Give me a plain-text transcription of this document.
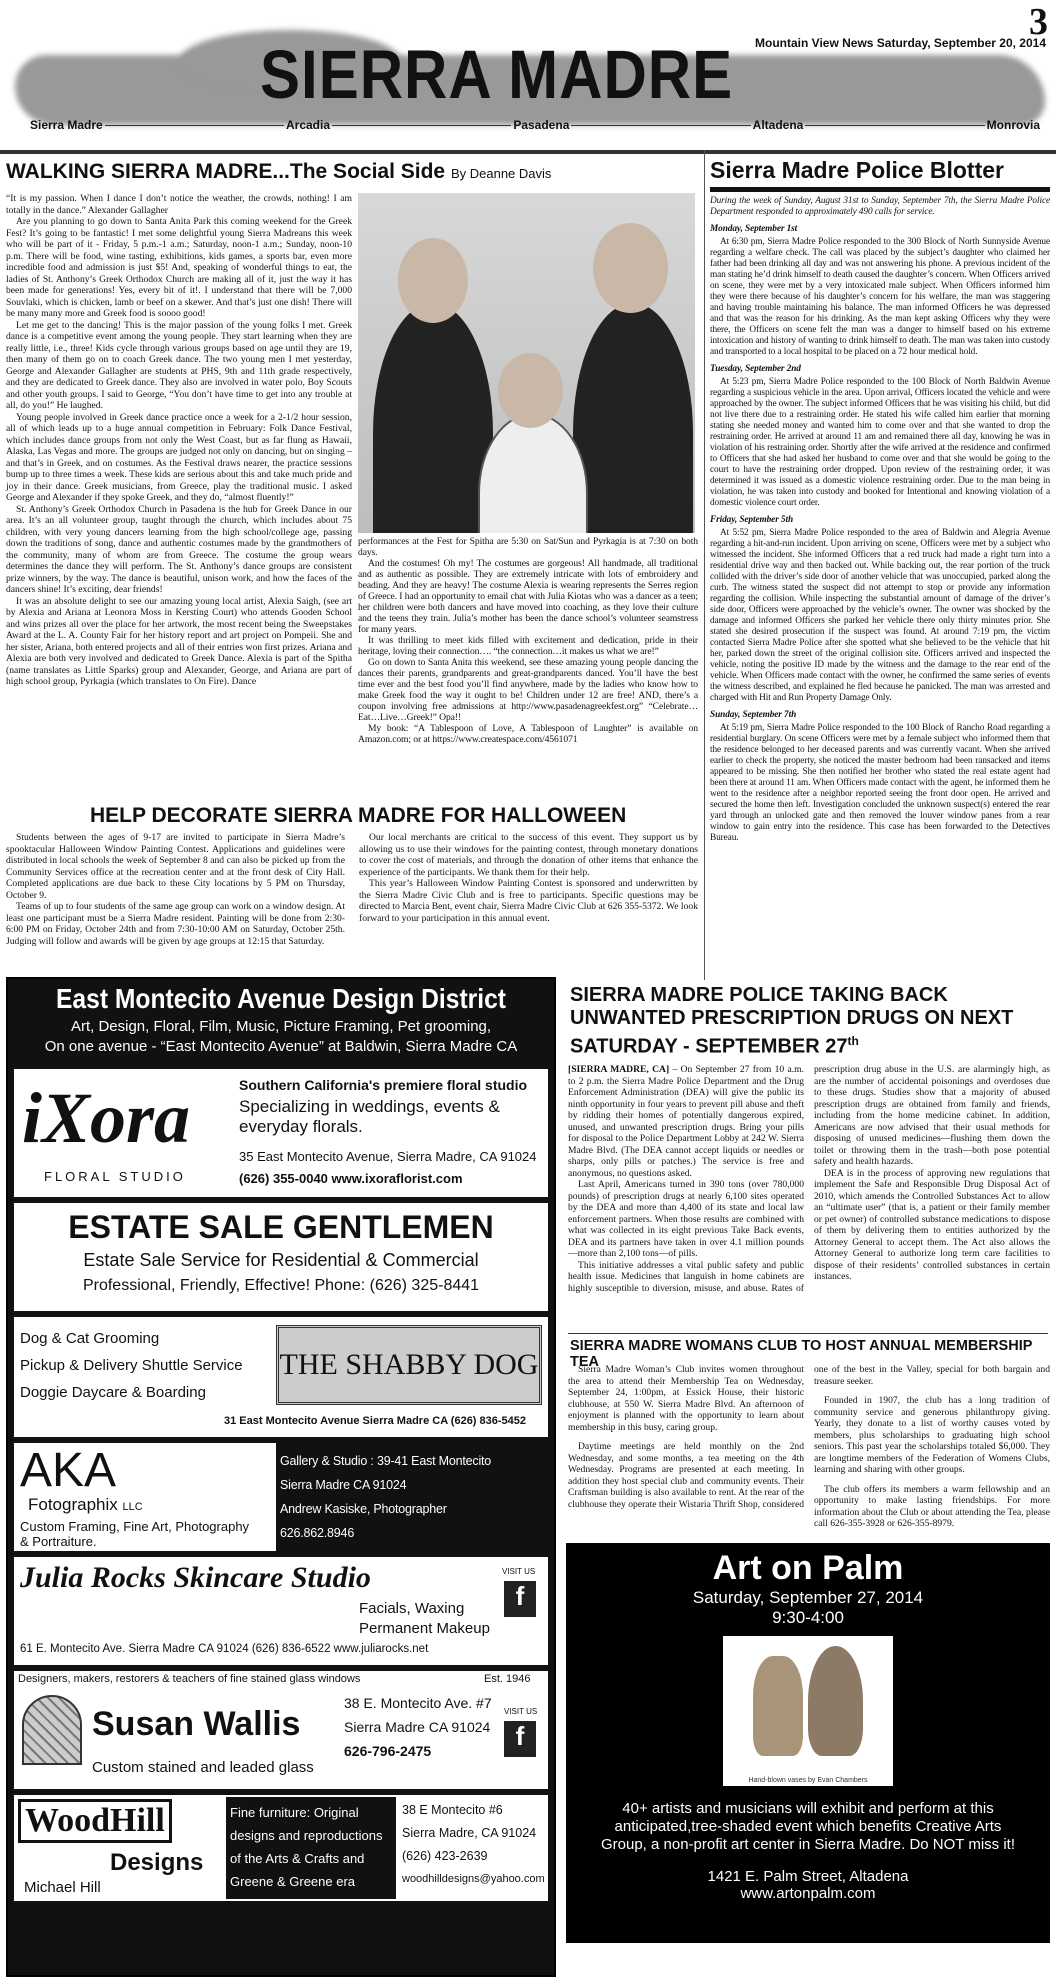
SIERRA MADRE
3
Mountain View News Saturday, September 20, 2014
Sierra Madre	Arcadia	Pasadena	Altadena	Monrovia
WALKING SIERRA MADRE...The Social Side By Deanne Davis

“It is my passion. When I dance I don’t notice the weather, the crowds, nothing! I am totally in the dance.” Alexander Gallagher

Are you planning to go down to Santa Anita Park this coming weekend for the Greek Fest? It’s going to be fantastic! I met some delightful young Sierra Madreans this week who will be part of it - Friday, 5 p.m.-1 a.m.; Saturday, noon-1 a.m.; Sunday, noon-10 p.m. There will be food, wine tasting, exhibitions, kids games, a sports bar, even more incredible food and admission is just $5! And, speaking of wonderful things to eat, the ladies of St. Anthony’s Greek Orthodox Church are making all of it, just the way it has been made for generations! Yes, every bit of it!. I understand that there will be 7,000 Souvlaki, which is chicken, lamb or beef on a skewer. And that’s just one dish! There will be many many more and Greek food is soooo good!

Let me get to the dancing! This is the major passion of the young folks I met. Greek dance is a competitive event among the young people. They start learning when they are really little, i.e., three! Kids cycle through various groups based on age until they are 19, then many of them go on to coach Greek dance. The two young men I met yesterday, George and Alexander Gallagher are students at PHS, 9th and 11th grade respectively, and they are dedicated to Greek dance. They also are involved in water polo, Boy Scouts and other youth groups. I said to George, “You don’t have time to get into any trouble at all, do you!” He laughed.

Young people involved in Greek dance practice once a week for a 2-1/2 hour session, all of which leads up to a huge annual competition in February: Folk Dance Festival, which includes dance groups from not only the West Coast, but as far flung as Hawaii, Alaska, Las Vegas and more. The groups are judged not only on dancing, but on singing – and that’s in Greek, and on costumes. As the Festival draws nearer, the practice sessions bump up to three times a week. These kids are serious about this and take much pride and joy in their dance. Greek musicians, from Greece, play the traditional music. I asked George and Alexander if they spoke Greek, and they do, “almost fluently!”

St. Anthony’s Greek Orthodox Church in Pasadena is the hub for Greek Dance in our area. It’s an all volunteer group, taught through the church, which includes about 75 children, with very young dancers learning from the high school/college age, passing down the traditions of song, dance and authentic costumes made by the grandmothers of the community, many of whom are from Greece. The costume the group wears determines the dance they will perform. The St. Anthony’s dance groups are consistent prize winners, by the way. The dance is beautiful, unison work, and how the faces of the dancers shine! It’s exciting, dear friends!

It was an absolute delight to see our amazing young local artist, Alexia Saigh, (see art by Alexia and Ariana at Leonora Moss in Kersting Court) who attends Gooden School and wins prizes all over the place for her artwork, the most recent being the Sweepstakes Award at the L. A. County Fair for her history report and art project on Pompeii. She and her sister, Ariana, both entered projects and all of their entries won first prizes. Ariana and Alexia are both very involved and dedicated to Greek Dance. Alexia is part of the Spitha (name translates as Little Sparks) group and Alexander, George, and Ariana are part of high school group, Pyrkagia (which translates to On Fire). Dance

performances at the Fest for Spitha are 5:30 on Sat/Sun and Pyrkagia is at 7:30 on both days.

And the costumes! Oh my! The costumes are gorgeous! All handmade, all traditional and as authentic as possible. They are extremely intricate with lots of embroidery and beading. And they are heavy! The costume Alexia is wearing represents the Serres region of Greece. I had an opportunity to email chat with Julia Kiotas who was a dancer as a teen; her children were both dancers and have moved into coaching, as they love their culture and the teens they train. Julia’s mother has been the dance school’s volunteer seamstress for many years.

It was thrilling to meet kids filled with excitement and dedication, pride in their heritage, loving their connection…. “the connection…it makes us what we are!”

Go on down to Santa Anita this weekend, see these amazing young people dancing the dances their parents, grandparents and great-grandparents danced. You’ll have the best time ever and the best food you’ll find anywhere, made by the ladies who know how to make Greek food the way it ought to be! Children under 12 are free! AND, there’s a coupon involving free admissions at http://www.pasadenagreekfest.org” “Celebrate…Eat…Live…Greek!” Opa!!

My book: “A Tablespoon of Love, A Tablespoon of Laughter” is available on Amazon.com; or at https://www.createspace.com/4561071

HELP DECORATE SIERRA MADRE FOR HALLOWEEN

Students between the ages of 9-17 are invited to participate in Sierra Madre’s spooktacular Halloween Window Painting Contest. Applications and guidelines were distributed in local schools the week of September 8 and can also be picked up from the Community Services office at the recreation center and at the front desk of City Hall. Completed applications are due back to these City locations by 5 PM on Thursday, October 9.

Teams of up to four students of the same age group can work on a window design. At least one participant must be a Sierra Madre resident. Painting will be done from 2:30-6:00 PM on Friday, October 24th and from 7:30-10:00 AM on Saturday, October 25th. Judging will follow and awards will be given by age groups at 12:15 that Saturday.

Our local merchants are critical to the success of this event. They support us by allowing us to use their windows for the painting contest, through monetary donations to cover the cost of materials, and through the donation of other items that enhance the experience of the participants. We thank them for their help.

This year’s Halloween Window Painting Contest is sponsored and underwritten by the Sierra Madre Civic Club and is free to participants. Specific questions may be directed to Marcia Bent, event chair, Sierra Madre Civic Club at 626 355-5372. We look forward to your participation in this annual event.

Sierra Madre Police Blotter

During the week of Sunday, August 31st to Sunday, September 7th, the Sierra Madre Police Department responded to approximately 490 calls for service.

Monday, September 1st

At 6:30 pm, Sierra Madre Police responded to the 300 Block of North Sunnyside Avenue regarding a welfare check. The call was placed by the subject’s daughter who claimed her father had been drinking all day and was not answering his phone. A previous incident of the man stating he’d drink himself to death caused the daughter’s concern. When Officers arrived on scene, they were met by a very intoxicated male subject. When Officers informed him they were there because of his daughter’s concern for his welfare, the man was staggering and having trouble maintaining his balance. The man informed Officers he was depressed and that was the reason for his drinking. As the man kept asking Officers why they were there, the Officers on scene felt the man was a danger to himself based on his extreme intoxication and history of wanting to drink himself to death. The man was taken into custody and transported to a local hospital to be placed on a 72 hour medical hold.

Tuesday, September 2nd

At 5:23 pm, Sierra Madre Police responded to the 100 Block of North Baldwin Avenue regarding a suspicious vehicle in the area. Upon arrival, Officers located the vehicle and were approached by the owner. The subject informed Officers that he was visiting his child, but did not live there due to a restraining order. He stated his wife called him earlier that morning stating she needed money and wanted him to come over and that she wanted to drop the restraining order. He arrived at around 11 am and remained there all day, knowing he was in violation of his restraining order. Shortly after the wife arrived at the residence and confirmed to Officers that she had asked her husband to come over and that she would be going to the court to have the restraining order dropped. Upon review of the restraining order, it was determined it was issued as a domestic violence restraining order. Due to the man being in violation, he was taken into custody and booked for Intentional and knowing violation of a domestic violence court order.

Friday, September 5th

At 5:52 pm, Sierra Madre Police responded to the area of Baldwin and Alegria Avenue regarding a hit-and-run incident. Upon arriving on scene, Officers were met by a subject who witnessed the incident. She informed Officers that a red truck had made a right turn into a residential drive way and then backed out. While backing out, the rear portion of the truck collided with the driver’s side door of another vehicle that was unoccupied, parked along the curb. The witness stated the suspect did not attempt to stop or provide any information regarding the collision. While inspecting the substantial amount of damage of the driver’s side door, Officers were approached by the vehicle’s owner. The owner was shocked by the damage and informed Officers she parked her vehicle there only thirty minutes prior. She stated she desired prosecution if the suspect was found. At around 7:19 pm, the victim contacted Sierra Madre Police after she spotted what she believed to be the vehicle that hit her, parked down the street of the original collision site. Officers arrived and inspected the vehicle, noting the positive ID made by the witness and the damage to the rear end of the vehicle. When Officers made contact with the owner, he confirmed the same series of events the witness described, and explained he fled because he panicked. The man was arrested and charged with Hit and Run Property Damage Only.

Sunday, September 7th

At 5:19 pm, Sierra Madre Police responded to the 100 Block of Rancho Road regarding a residential burglary. On scene Officers were met by a female subject who informed them that the residence belonged to her deceased parents and was currently vacant. When she arrived earlier to check the property, she noticed the master bedroom had been ransacked and items appeared to be missing. She then notified her brother who stated the real estate agent had been there at around 11 am. When Officers made contact with the agent, he informed them he went to the residence after a neighbor reported seeing the front door open. He arrived and secured the home then left. Investigation concluded the unknown suspect(s) entered the rear yard through an unlocked gate and then removed the louver window panes from a rear window to gain entry into the residence. This case has been forwarded to the Detectives Bureau.

SIERRA MADRE POLICE TAKING BACK UNWANTED PRESCRIPTION DRUGS ON NEXT SATURDAY - SEPTEMBER 27th

[SIERRA MADRE, CA] – On September 27 from 10 a.m. to 2 p.m. the Sierra Madre Police Department and the Drug Enforcement Administration (DEA) will give the public its ninth opportunity in four years to prevent pill abuse and theft by ridding their homes of potentially dangerous expired, unused, and unwanted prescription drugs. Bring your pills for disposal to the Police Department Lobby at 242 W. Sierra Madre Blvd. (The DEA cannot accept liquids or needles or sharps, only pills or patches.) The service is free and anonymous, no questions asked.

Last April, Americans turned in 390 tons (over 780,000 pounds) of prescription drugs at nearly 6,100 sites operated by the DEA and more than 4,400 of its state and local law enforcement partners. When those results are combined with what was collected in its eight previous Take Back events, DEA and its partners have taken in over 4.1 million pounds—more than 2,100 tons—of pills.

This initiative addresses a vital public safety and public health issue. Medicines that languish in home cabinets are highly susceptible to diversion, misuse, and abuse. Rates of prescription drug abuse in the U.S. are alarmingly high, as are the number of accidental poisonings and overdoses due to these drugs. Studies show that a majority of abused prescription drugs are obtained from family and friends, including from the home medicine cabinet. In addition, Americans are now advised that their usual methods for disposing of unused medicines—flushing them down the toilet or throwing them in the trash—both pose potential safety and health hazards.

DEA is in the process of approving new regulations that implement the Safe and Responsible Drug Disposal Act of 2010, which amends the Controlled Substances Act to allow an “ultimate user” (that is, a patient or their family member or pet owner) of controlled substance medications to dispose of them by delivering them to entities authorized by the Attorney General to accept them. The Act also allows the Attorney General to authorize long term care facilities to dispose of their residents’ controlled substances in certain instances.

SIERRA MADRE WOMANS CLUB TO HOST ANNUAL MEMBERSHIP TEA

Sierra Madre Woman’s Club invites women throughout the area to attend their Membership Tea on Wednesday, September 24, 1:00pm, at Essick House, their historic clubhouse, at 550 W. Sierra Madre Blvd. An afternoon of enjoyment is planned with the opportunity to learn about membership in this busy, caring group.

Daytime meetings are held monthly on the 2nd Wednesday, and some months, a tea meeting on the 4th Wednesday. Programs are presented at each meeting. In addition they host special club and community events. Their Craftsman building is also available to rent. At the rear of the clubhouse they operate their Wistaria Thrift Shop, considered one of the best in the Valley, special for both bargain and treasure seeker.

Founded in 1907, the club has a long tradition of community service and generous philanthropy giving. Yearly, they donate to a list of worthy causes voted by members, plus scholarships to graduating high school seniors. This past year the scholarships totaled $6,000. They are longtime members of the Federation of Womens Clubs, learning and sharing with other groups.

The club offers its members a warm fellowship and an opportunity to make lasting friendships. For more information about the Club or about attending the Tea, please call 626-355-3928 or 626-355-8979.

East Montecito Avenue Design District
Art, Design, Floral, Film, Music, Picture Framing, Pet grooming,
On one avenue - “East Montecito Avenue” at Baldwin, Sierra Madre CA
iXora
FLORAL STUDIO
Southern California's premiere floral studio
Specializing in weddings, events & everyday florals.
35 East Montecito Avenue, Sierra Madre, CA 91024
(626) 355-0040 www.ixoraflorist.com
ESTATE SALE GENTLEMEN
Estate Sale Service for Residential & Commercial
Professional, Friendly, Effective! Phone: (626) 325-8441
Dog & Cat Grooming
Pickup & Delivery Shuttle Service
Doggie Daycare & Boarding
THE SHABBY DOG
31 East Montecito Avenue Sierra Madre CA (626) 836-5452
AKA
Fotographix LLC
Custom Framing, Fine Art, Photography
& Portraiture.
Gallery & Studio : 39-41 East Montecito
Sierra Madre CA 91024
Andrew Kasiske, Photographer
626.862.8946
Julia Rocks Skincare Studio
61 E. Montecito Ave. Sierra Madre CA 91024 (626) 836-6522 www.juliarocks.net
Facials, Waxing
Permanent Makeup
VISIT US
f
Designers, makers, restorers & teachers of fine stained glass windows	Est. 1946
Susan Wallis
Custom stained and leaded glass
38 E. Montecito Ave. #7
Sierra Madre CA 91024
626-796-2475
VISIT US
f
WoodHill
Designs
Michael Hill
Fine furniture: Original
designs and reproductions
of the Arts & Crafts and
Greene & Greene era
38 E Montecito #6
Sierra Madre, CA 91024
(626) 423-2639
woodhilldesigns@yahoo.com
Art on Palm
Saturday, September 27, 2014
9:30-4:00
Hand-blown vases by Evan Chambers
40+ artists and musicians will exhibit and perform at this anticipated,tree-shaded event which benefits Creative Arts Group, a non-profit art center in Sierra Madre. Do NOT miss it!
1421 E. Palm Street, Altadena
www.artonpalm.com
